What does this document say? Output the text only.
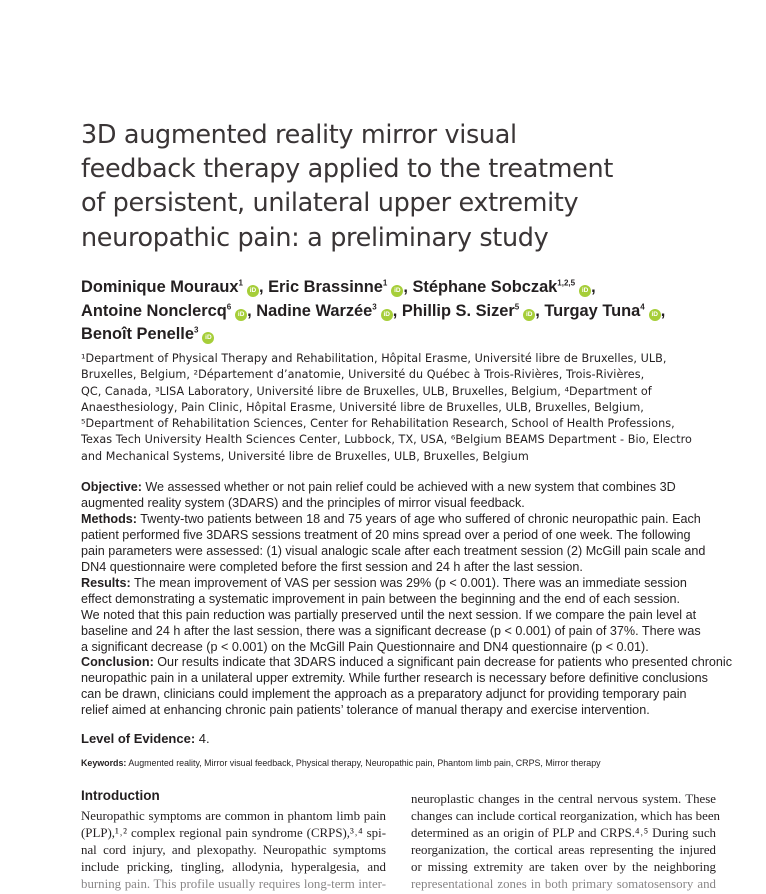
3D augmented reality mirror visual
feedback therapy applied to the treatment
of persistent, unilateral upper extremity
neuropathic pain: a preliminary study
Dominique Mouraux$^1$iD , Eric Brassinne$^1$iD , Stéphane Sobczak$^{1,2,5}$iD ,
Antoine Nonclercq$^6$iD , Nadine Warzée$^3$iD , Phillip S. Sizer$^5$iD , Turgay Tuna$^4$iD ,
Benoît Penelle$^3$iD
¹Department of Physical Therapy and Rehabilitation, Hôpital Erasme, Université libre de Bruxelles, ULB,
Bruxelles, Belgium, ²Département d’anatomie, Université du Québec à Trois-Rivières, Trois-Rivières,
QC, Canada, ³LISA Laboratory, Université libre de Bruxelles, ULB, Bruxelles, Belgium, ⁴Department of
Anaesthesiology, Pain Clinic, Hôpital Erasme, Université libre de Bruxelles, ULB, Bruxelles, Belgium,
⁵Department of Rehabilitation Sciences, Center for Rehabilitation Research, School of Health Professions,
Texas Tech University Health Sciences Center, Lubbock, TX, USA, ⁶Belgium BEAMS Department - Bio, Electro
and Mechanical Systems, Université libre de Bruxelles, ULB, Bruxelles, Belgium
Objective: We assessed whether or not pain relief could be achieved with a new system that combines 3D
augmented reality system (3DARS) and the principles of mirror visual feedback.
Methods: Twenty-two patients between 18 and 75 years of age who suffered of chronic neuropathic pain. Each
patient performed five 3DARS sessions treatment of 20 mins spread over a period of one week. The following
pain parameters were assessed: (1) visual analogic scale after each treatment session (2) McGill pain scale and
DN4 questionnaire were completed before the first session and 24 h after the last session.
Results: The mean improvement of VAS per session was 29% (p < 0.001). There was an immediate session
effect demonstrating a systematic improvement in pain between the beginning and the end of each session.
We noted that this pain reduction was partially preserved until the next session. If we compare the pain level at
baseline and 24 h after the last session, there was a significant decrease (p < 0.001) of pain of 37%. There was
a significant decrease (p < 0.001) on the McGill Pain Questionnaire and DN4 questionnaire (p < 0.01).
Conclusion: Our results indicate that 3DARS induced a significant pain decrease for patients who presented chronic
neuropathic pain in a unilateral upper extremity. While further research is necessary before definitive conclusions
can be drawn, clinicians could implement the approach as a preparatory adjunct for providing temporary pain
relief aimed at enhancing chronic pain patients’ tolerance of manual therapy and exercise intervention.
Level of Evidence: 4.
Keywords: Augmented reality, Mirror visual feedback, Physical therapy, Neuropathic pain, Phantom limb pain, CRPS, Mirror therapy
Introduction
Neuropathic symptoms are common in phantom limb pain
(PLP),¹˒² complex regional pain syndrome (CRPS),³˒⁴ spi-
nal cord injury, and plexopathy. Neuropathic symptoms
include pricking, tingling, allodynia, hyperalgesia, and
burning pain. This profile usually requires long-term inter-
neuroplastic changes in the central nervous system. These
changes can include cortical reorganization, which has been
determined as an origin of PLP and CRPS.⁴˒⁵ During such
reorganization, the cortical areas representing the injured
or missing extremity are taken over by the neighboring
representational zones in both primary somatosensory and
